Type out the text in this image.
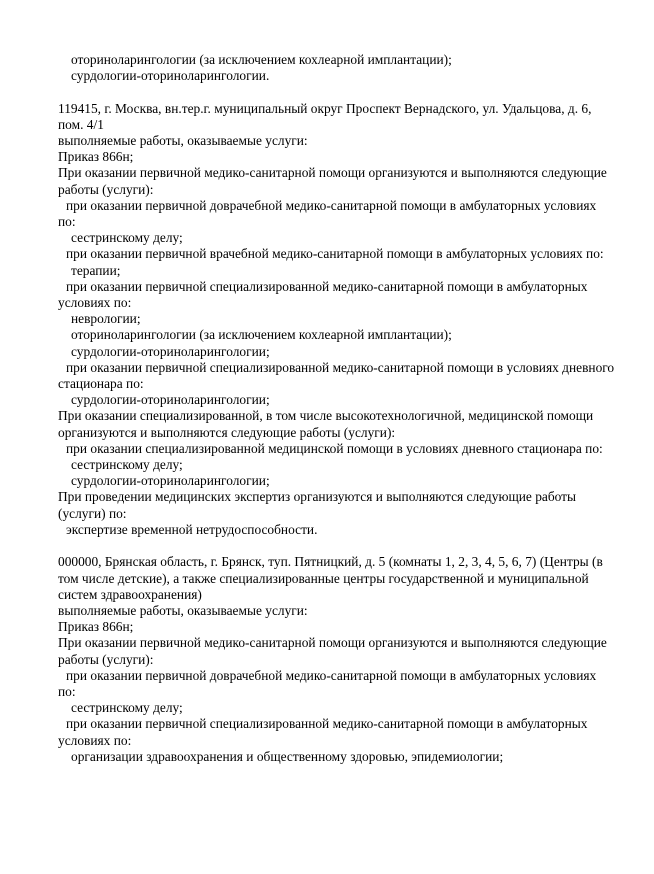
оториноларингологии (за исключением кохлеарной имплантации);
сурдологии-оториноларингологии.

119415, г. Москва, вн.тер.г. муниципальный округ Проспект Вернадского, ул. Удальцова, д. 6,
пом. 4/1
выполняемые работы, оказываемые услуги:
Приказ 866н;
При оказании первичной медико-санитарной помощи организуются и выполняются следующие
работы (услуги):
при оказании первичной доврачебной медико-санитарной помощи в амбулаторных условиях
по:
сестринскому делу;
при оказании первичной врачебной медико-санитарной помощи в амбулаторных условиях по:
терапии;
при оказании первичной специализированной медико-санитарной помощи в амбулаторных
условиях по:
неврологии;
оториноларингологии (за исключением кохлеарной имплантации);
сурдологии-оториноларингологии;
при оказании первичной специализированной медико-санитарной помощи в условиях дневного
стационара по:
сурдологии-оториноларингологии;
При оказании специализированной, в том числе высокотехнологичной, медицинской помощи
организуются и выполняются следующие работы (услуги):
при оказании специализированной медицинской помощи в условиях дневного стационара по:
сестринскому делу;
сурдологии-оториноларингологии;
При проведении медицинских экспертиз организуются и выполняются следующие работы
(услуги) по:
экспертизе временной нетрудоспособности.

000000, Брянская область, г. Брянск, туп. Пятницкий, д. 5 (комнаты 1, 2, 3, 4, 5, 6, 7) (Центры (в
том числе детские), а также специализированные центры государственной и муниципальной
систем здравоохранения)
выполняемые работы, оказываемые услуги:
Приказ 866н;
При оказании первичной медико-санитарной помощи организуются и выполняются следующие
работы (услуги):
при оказании первичной доврачебной медико-санитарной помощи в амбулаторных условиях
по:
сестринскому делу;
при оказании первичной специализированной медико-санитарной помощи в амбулаторных
условиях по:
организации здравоохранения и общественному здоровью, эпидемиологии;
